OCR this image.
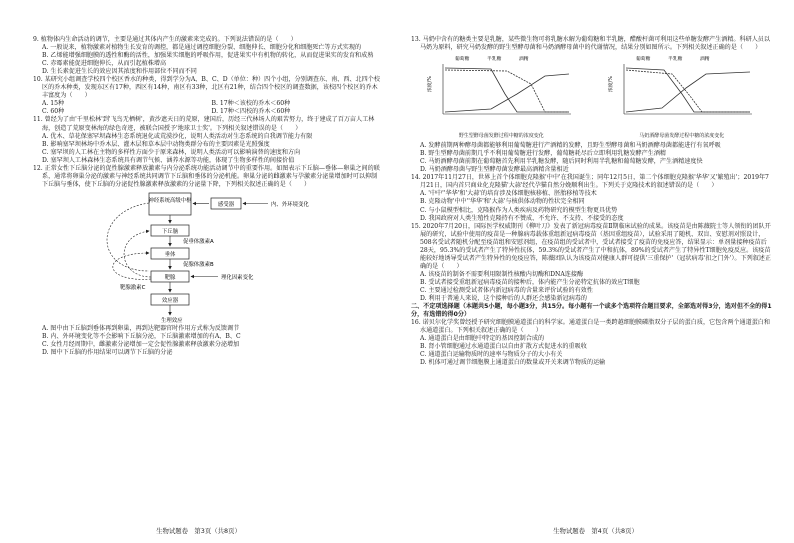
9. 植物体内生命活动的调节，主要是通过其体内产生的激素来完成的。下列说法错误的是（　　）

A. 一般说来，植物激素对植物生长发育的调控，都是通过调控细胞分裂、细胞伸长、细胞分化和细胞死亡等方式实现的

B. 乙烯能增强细胞膜的透性和酶的活性，加强果实细胞的呼吸作用，促进果实中有机物的转化，从而促进果实的发育和成熟

C. 赤霉素能促进细胞伸长，从而引起植株增高

D. 生长素促进生长的效应因其浓度和作用部位不同而不同

10. 某研究小组调查学校四个校区香水的种类，得到学分为A、B、C、D（单位：种）四个小组，分别调查东、南、西、北四个校区的乔木种类，发现东区有17种，西区有14种，南区有33种，北区有21种，结合四个校区的调查数据，该校四个校区的乔木丰富度为（　　）

A. 15种

C. 60种

B. 17种＜该校的乔木＜60种

D. 17种＜四校的乔木＜60种

11. 曾经为了由'千里松林'到'飞鸟无栖树'，黄沙遮天日的荒原，建国后，历经三代林场人的艰苦努力，终于建成了百万亩人工林海，创造了荒原变林海的绿色奇迹，被联合国授予'地球卫士奖'。下列相关叙述错误的是（　　）

A. 优木、草花保塞罕坝森林生态系统退化或荒漠沙化，说明人类活动对生态系统的自我调节能力有限

B. 影响塞罕坝林场中乔木层、灌木层和草本层中动物类群分布的主要因素是光照强度

C. 塞罕坝的人工林在主物的多样性方面少于原来森林，说明人类活动可以影响演替的速度和方向

D. 塞罕坝人工林森林生态系统具有调节气候、涵养水源等功能，体现了生物多样性的间接价值

12. 正常女性下丘脑分泌的促性腺激素释放激素与内分泌系统功能活动调节中的重要作用。如图表示下丘脑—垂体—卵巢之间的联系，通常将卵巢分泌的激素与神经系统共同调节下丘脑和垂体的分泌机能。卵巢分泌的雌激素与孕激素分泌量增加时可以抑制下丘脑与垂体，使下丘脑的分泌促性腺激素释放激素的分泌量下降，下列相关叙述正确的是（　　）

神经系统高级中枢
感受器	内、外环境变化
下丘脑
促垂体激素A
垂体
促腺体激素B
靶腺	理化因素变化
靶腺激素C
效应器
生理效应

A. 图中由下丘脑到垂体再到卵巢，再到达靶器官时作用方式称为反馈调节

B. 内、外环境变化等不会影响下丘脑分泌，下丘脑激素增加的有A、B、C

C. 女性月经周期中，雌激素分泌增加一定会促性腺激素释放激素分泌增加

D. 图中下丘脑的作用结果可以调节下丘脑的分泌

生物试题卷　第3页（共8页）

13. 马奶中含有的糖类主要是乳糖，某些微生物可将乳糖水解为葡萄糖和半乳糖，醋酸杆菌可利用这些单糖发酵产生酒精。科研人员以马奶为原料，研究马奶发酵的野生型酵母菌和马奶酒酵母菌中的代谢情况，结果分别如图所示。下列相关叙述正确的是（　　）

葡萄糖	半乳糖	酒精
浓度/%

野生型酵母菌发酵过程中糖的浓度变化

葡萄糖	半乳糖	酒精
浓度/%

马奶酒酵母菌发酵过程中糖的浓度变化

A. 发酵前期两种酵母菌都能够利用葡萄糖进行产酒精的发酵，且野生型酵母菌和马奶酒酵母菌都能进行有氧呼吸

B. 野生型酵母菌前期几乎不利用葡萄糖进行发酵，葡萄糖耗尽后立即利用乳糖发酵产生酒精

C. 马奶酒酵母菌前期在葡萄糖首先利用半乳糖发酵，随后同时利用半乳糖和葡萄糖发酵，产生酒精速度快

D. 马奶酒酵母菌与野生型酵母菌发酵最高酒精含量相近

14. 2017年11月27日，世界上首个体细胞克隆猴'中中'在我国诞生；同年12月5日，第二个体细胞克隆猴'华华'又'繁殖出'；2019年7月21日，国内首只商业化克隆猫'大蒜'经代孕猫自然分娩顺利出生。下列关于克隆技术的叙述错误的是（　　）

A. '中中''华华'和'大蒜'的培育涉及体细胞核移植、胚胎移植等技术

B. 克隆动物'中中''华华'和'大蒜'与核供体动物的性状完全相同

C. 与小鼠模型相比，克隆猴作为人类疾病及药物研究的模型生物更具优势

D. 我国政府对人类生殖性克隆持有不赞成、不允许、不支持、不接受的态度

15. 2020年7月20日，国际医学权威期刊《柳叶刀》发表了新冠病毒疫苗Ⅱ期临床试验的成果。该疫苗是由陈薇院士等人领衔的团队开展的研究，试验中使用的疫苗是一种腺病毒载体重组新冠病毒疫苗（基因重组疫苗），试验采用了随机、双盲、安慰剂对照设计，508名受试者随机分配至疫苗组和安慰剂组，在疫苗组的受试者中，受试者接受了疫苗的免疫应答，结果显示：单剂量接种疫苗后28天，95.3%的受试者产生了特异性抗体，59.3%的受试者产生了中和抗体，89%的受试者产生了特异性T细胞免疫反应。该疫苗能较好地诱导受试者产生特异性的免疫应答，陈薇团队认为该疫苗对健康人群可提供'三重保护'（冠状病毒'扣之门外'）。下列叙述正确的是（　　）

A. 该疫苗的制备不需要利用限制性核酸内切酶和DNA连接酶

B. 受试者接受重组新冠病毒疫苗的接种后，体内能产生分泌特定抗体的效应T细胞

C. 主要通过检测受试者体内新冠病毒的含量来评价试验的有效性

D. 利用于普通人来说，这个接种后的人群还会感染新冠病毒的

二、不定项选择题（本题共5小题，每小题3分，共15分。每小题有一个或多个选项符合题目要求，全部选对得3分，选对但不全的得1分，有选错的得0分）

16. 诺贝尔化学奖曾经授予研究细胞膜通道蛋白的科学家。通道蛋白是一类跨越细胞膜磷脂双分子层的蛋白质，它包含两个通道蛋白和水通道蛋白。下列相关叙述正确的是（　　）

A. 通道蛋白是由细胞中特定的基因控制合成的

B. 肾小管细胞通过水通道蛋白以自由扩散方式促进水的重吸收

C. 通道蛋白运输物质时的速率与物质分子的大小有关

D. 机体可通过调节细胞膜上通道蛋白的数量或开关来调节物质的运输

生物试题卷　第4页（共8页）
